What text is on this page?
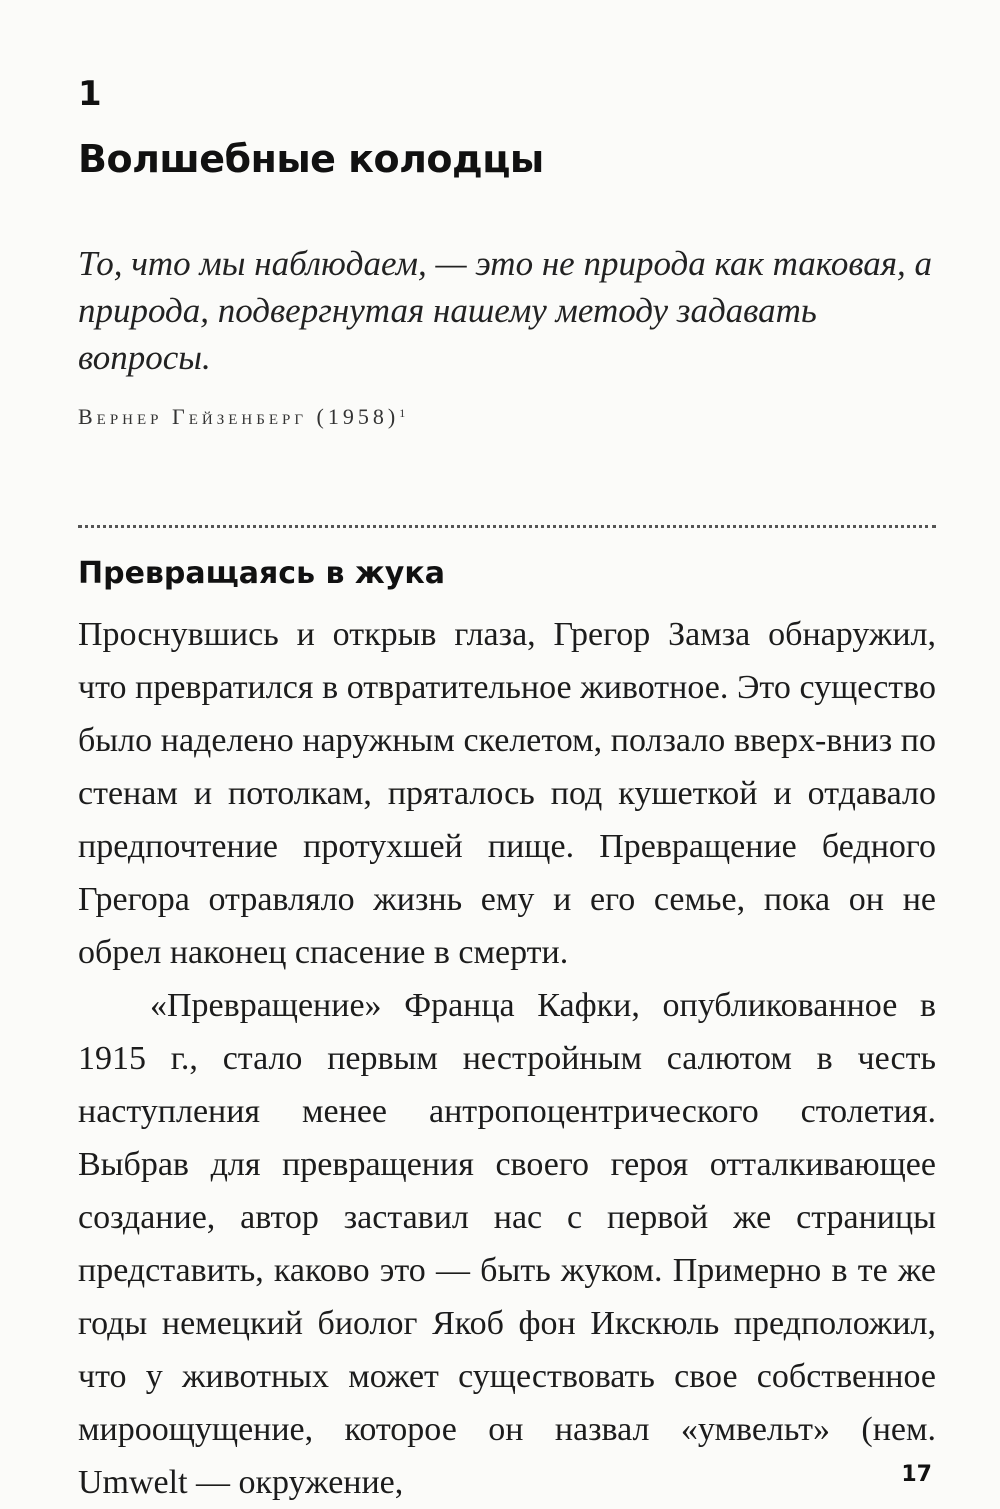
1
Волшебные колодцы

То, что мы наблюдаем, — это не природа как таковая, а природа, подвергнутая нашему методу задавать вопросы.

Вернер Гейзенберг $(1958)^1$
Превращаясь в жука

Проснувшись и открыв глаза, Грегор Замза обнаружил, что превратился в отвратительное животное. Это существо было наделено наружным скелетом, ползало вверх-вниз по стенам и потолкам, пряталось под кушеткой и отдавало предпочтение протухшей пище. Превращение бедного Грегора отравляло жизнь ему и его семье, пока он не обрел наконец спасение в смерти.

«Превращение» Франца Кафки, опубликованное в 1915 г., стало первым нестройным салютом в честь наступления менее антропоцентрического столетия. Выбрав для превращения своего героя отталкивающее создание, автор заставил нас с первой же страницы представить, каково это — быть жуком. Примерно в те же годы немецкий биолог Якоб фон Икскюль предположил, что у животных может существовать свое собственное мироощущение, которое он назвал «умвельт» (нем. Umwelt — окружение,	17
